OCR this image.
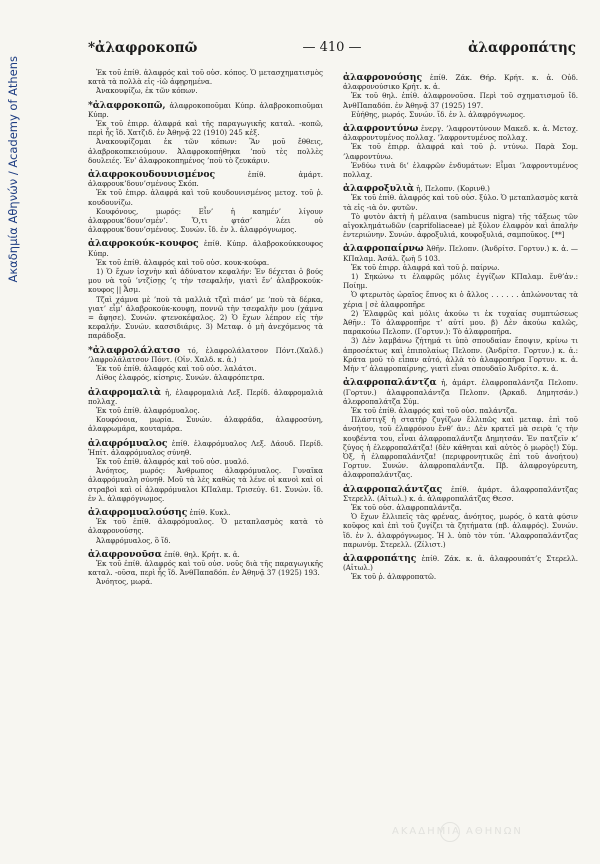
Ακαδημία Αθηνών / Academy of Athens
*ἀλαφροκοπῶ	— 410 —	ἀλαφροπάτης

Ἐκ τοῦ ἐπίθ. ἀλαφρός καὶ τοῦ οὐσ. κόπος. Ὁ μετασχηματισμὸς κατὰ τὰ πολλὰ εἰς -ίῶ ἀφῃρημένα.

Ἀνακουφίζω, ἐκ τῶν κόπων.

*ἀλαφροκοπῶ, ἀλαφροκοποῦμαι Κύπρ. ἀλαβροκοπιοῦμαι Κύπρ.

Ἐκ τοῦ ἐπιρρ. ἀλαφρά καὶ τῆς παραγωγικῆς καταλ. -κοπῶ, περὶ ἧς ἴδ. Χατζιδ. ἐν Ἀθηνᾷ 22 (1910) 245 κἑξ.

Ἀνακουφίζομαι ἐκ τῶν κόπων: Ἂν μοῦ ἔθθεις, ἀλαβροκοπκειούμουν. Ἀλαφροκοπήθηκα ’ποὺ τὲς πολλὲς δουλειές. Ἐν’ ἀλαφροκοπημένος ’ποὺ τὸ ζευκάριν.

ἀλαφροκουδουνισμένος ἐπίθ. ἀμάρτ. ἀλαφρουκ’δουν’σμένους Σκόπ.

Ἐκ τοῦ ἐπιρρ. ἀλαφρά καὶ τοῦ κουδουνισμένος μετοχ. τοῦ ῥ. κουδουνίζω.

Κουφόνους, μωρός: Εἶν’ ἡ καημέν’ λίγουν ἀλαφρουκ’δουν’σμέν’. Ὅ,τι φτάσ’ λέει οὐ ἀλαφρουκ’δουν’σμένους. Συνών. ἴδ. ἐν λ. ἀλαφρόγνωμος.

ἀλαφροκούκ-κουφος ἐπίθ. Κύπρ. ἀλαβροκούκκουφος Κύπρ.

Ἐκ τοῦ ἐπίθ. ἀλαφρός καὶ τοῦ οὐσ. κουκ-κούφα.

1) Ὁ ἔχων ἰσχνὴν καὶ ἀδύνατον κεφαλήν: Ἐν δέχεται ὁ βούς μου νὰ τοῦ ’ντζίσῃς ’ς τὴν τσεφαλήν, γιατὶ ἔν’ ἀλαβροκούκ-κουφος || Ἆσμ.

Τζαὶ χάμνα μὲ ’ποὺ τὰ μαλλιὰ τζαὶ πιάσ’ με ’ποὺ τὰ δέρκα, γιατ’ εἶμ’ ἀλαβροκούκ-κουφη, ποννῶ τὴν τσεφαλὴν μου (χάμνα = ἄφησε). Συνών. φτενοκέφαλος. 2) Ὁ ἔχων λέπρον εἰς τὴν κεφαλήν. Συνών. κασσιδιάρις. 3) Μεταφ. ὁ μὴ ἀνεχόμενος τὰ παράδοξα.

*ἀλαφρολάλατσο τό, ἐλαφρολάλατσον Πόντ.(Χαλδ.) ’λαφρολάλατσον Πόντ. (Οἰν. Χαλδ. κ. ἀ.)

Ἐκ τοῦ ἐπίθ. ἀλαφρός καὶ τοῦ οὐσ. λαλάτσι.

Λίθος ἐλαφρός, κίσηρις. Συνών. ἀλαφρόπετρα.

ἀλαφρομαλιὰ ἡ, ἐλαφρομαλιὰ Λεξ. Περίδ. ἀλαφρομαλιὰ πολλαχ.

Ἐκ τοῦ ἐπίθ. ἀλαφρόμυαλος.

Κουφόνοια, μωρία. Συνών. ἀλαφράδα, ἀλαφροσύνη, ἀλαφρωμάρα, κουταμάρα.

ἀλαφρόμυαλος ἐπίθ. ἐλαφρόμυαλος Λεξ. Δάουδ. Περίδ. Ἠπίτ. ἀλαφρόμυαλος σύνηθ.

Ἐκ τοῦ ἐπίθ. ἀλαφρός καὶ τοῦ οὐσ. μυαλό.

Ἀνόητος, μωρός: Ἀνθρωπος ἀλαφρόμυαλος. Γυναῖκα ἀλαφρόμυαλη σύνηθ. Μοῦ τὰ λὲς καθὼς τὰ λένε οἱ κανοὶ καὶ οἱ στραβοὶ καὶ οἱ ἀλαφρόμυαλοι ΚΠαλαμ. Τρισεύγ. 61. Συνών. ἴδ. ἐν λ. ἀλαφρόγνωμος.

ἀλαφρομυαλούσης ἐπίθ. Κυκλ.

Ἐκ τοῦ ἐπίθ. ἀλαφρόμυαλος. Ὁ μεταπλασμὸς κατὰ τὸ ἀλαφρονούσης.

Ἀλαφρόμυαλος, ὃ ἴδ.

ἀλαφρονοῦσα ἐπίθ. θηλ. Κρήτ. κ. ἀ.

Ἐκ τοῦ ἐπίθ. ἀλαφρός καὶ τοῦ οὐσ. νοῦς διὰ τῆς παραγωγικῆς καταλ. -οῦσα, περὶ ἧς ἴδ. ἈνθΠαπαδόπ. ἐν Ἀθηνᾷ 37 (1925) 193.

Ἀνόητος, μωρά.

ἀλαφρονούσης ἐπίθ. Ζάκ. Θήρ. Κρήτ. κ. ἀ. Οὐδ. ἀλαφρονούσικο Κρήτ. κ. ἀ.

Ἐκ τοῦ θηλ. ἐπίθ. ἀλαφρονοῦσα. Περὶ τοῦ σχηματισμοῦ ἴδ. ἈνθΠαπαδόπ. ἐν Ἀθηνᾷ 37 (1925) 197.

Εὐήθης, μωρός. Συνών. ἴδ. ἐν λ. ἀλαφρόγνωμος.

ἀλαφροντύνω ἐνεργ. ’λαφροντύνουν Μακεδ. κ. ἀ. Μετοχ. ἀλαφροντυμένος πολλαχ. ’λαφροντυμένος πολλαχ.

Ἐκ τοῦ ἐπιρρ. ἀλαφρά καὶ τοῦ ῥ. ντύνω. Παρὰ Σομ. ’λαφροντύνω.

Ἐνδύω τινὰ δι’ ἐλαφρῶν ἐνδυμάτων: Εἶμαι ’λαφροντυμένος πολλαχ.

ἀλαφροξυλιὰ ἡ, Πελοπν. (Κορινθ.)

Ἐκ τοῦ ἐπίθ. ἀλαφρός καὶ τοῦ οὐσ. ξύλο. Ὁ μεταπλασμὸς κατὰ τὰ εἰς -ιὰ ὀν. φυτῶν.

Τὸ φυτὸν ἀκτὴ ἡ μέλαινα (sambucus nigra) τῆς τάξεως τῶν αἰγοκλημάτωδῶν (caprifoliaceae) μὲ ξύλον ἐλαφρὸν καὶ ἀπαλὴν ἐντεριώνην. Συνών. ἀφροξυλιά, κουφοξυλιά, σαμποῦκος. [**]

ἀλαφροπαίρνω Ἀθῆν. Πελοπν. (Ἀνδρίτσ. Γορτυν.) κ. ἀ. —ΚΠαλαμ. Ἀσάλ. ζωὴ 5 103.

Ἐκ τοῦ ἐπιρρ. ἀλαφρά καὶ τοῦ ῥ. παίρνω.

1) Σηκώνω τι ἐλαφρῶς μόλις ἐγγίζων ΚΠαλαμ. ἔνθ’ἀν.: Ποίημ.

Ὁ φτερωτὸς ὡραῖος ἔπνος κι ὁ ἄλλος . . . . . . ἀπλώνοντας τὰ χέρια | σὲ ἀλαφροπῆρε

2) Ἐλαφρῶς καὶ μόλις ἀκούω τι ἐκ τυχαίας συμπτώσεως Ἀθῆν.: Τὸ ἀλαφροπῆρε τ’ αὐτί μου. β) Δὲν ἀκούω καλῶς, παρακούω Πελοπν. (Γορτυν.): Τὸ ἀλαφροπῆρα.

3) Δὲν λαμβάνω ζήτημά τι ὑπὸ σπουδαίαν ἔποψιν, κρίνω τι ἀπροσέκτως καὶ ἐπιπολαίως Πελοπν. (Ἀνδρίτσ. Γορτυν.) κ. ἀ.: Κράτα μοῦ τὸ εἶπαν αὐτό, ἀλλὰ τὸ ἀλαφροπῆρα Γορτυν. κ. ἀ. Μὴν τ’ ἀλαφροπαίρνης, γιατὶ εἶναι σπουδαῖο Ἀνδρίτσ. κ. ἀ.

ἀλαφροπαλάντζα ἡ, ἀμάρτ. ἐλαφροπαλάντζα Πελοπν. (Γορτυν.) ἀλαφροπαλάντζα Πελοπν. (Ἀρκαδ. Δημητσάν.) ἀλεφροπαλάτζα Σύμ.

Ἐκ τοῦ ἐπίθ. ἀλαφρός καὶ τοῦ οὐσ. παλάντζα.

Πλάστιγξ ἡ στατὴρ ζυγίζων ἔλλιπῶς καὶ μεταφ. ἐπὶ τοῦ ἀνοήτου, τοῦ ἐλαφρόνου ἔνθ’ ἀν.: Δὲν κρατεῖ μὰ σειρὰ ’ς τὴν κουβέντα του, εἶναι ἀλαφροπαλάντζα Δημητσάν. Ἐν πατζεῖν κ’ ζύγος ἡ ἐλεφροπαλάτζα! (δὲν κάθηται καὶ αὐτὸς ὁ μωρὸς!) Σύμ. Ὀξ, ἡ ἐλαφροπαλάντζα! (περιφρονητικῶς ἐπὶ τοῦ ἀνοήτου) Γορτυν. Συνών. ἀλαφροπαλάντζα. Πβ. ἀλαφρογύρευτη, ἀλαφροπαλάντζας.

ἀλαφροπαλάντζας ἐπίθ. ἀμάρτ. ἀλαφροπαλάντζας Στερελλ. (Αἰτωλ.) κ. ἀ. ἀλαφροπαλάτζας Θεσσ.

Ἐκ τοῦ οὐσ. ἀλαφροπαλάντζα.

Ὁ ἔχων ἔλλιπεῖς τὰς φρένας, ἀνόητος, μωρός, ὁ κατὰ φύσιν κοῦφος καὶ ἐπὶ τοῦ ζυγίζει τὰ ζητήματα (πβ. ἀλαφρός). Συνών. ἴδ. ἐν λ. ἀλαφρόγνωμος. Ἡ λ. ὑπὸ τὸν τύπ. ’Αλαφροπαλάντζας παρωνύμ. Στερελλ. (Ζίλιστ.)

ἀλαφροπάτης ἐπίθ. Ζάκ. κ. ἀ. ἀλαφρουπάτ’ς Στερελλ. (Αἰτωλ.)

Ἐκ τοῦ ῥ. ἀλαφροπατῶ.

ΑΚΑΔΗΜΙΑ ΑΘΗΝΩΝ
